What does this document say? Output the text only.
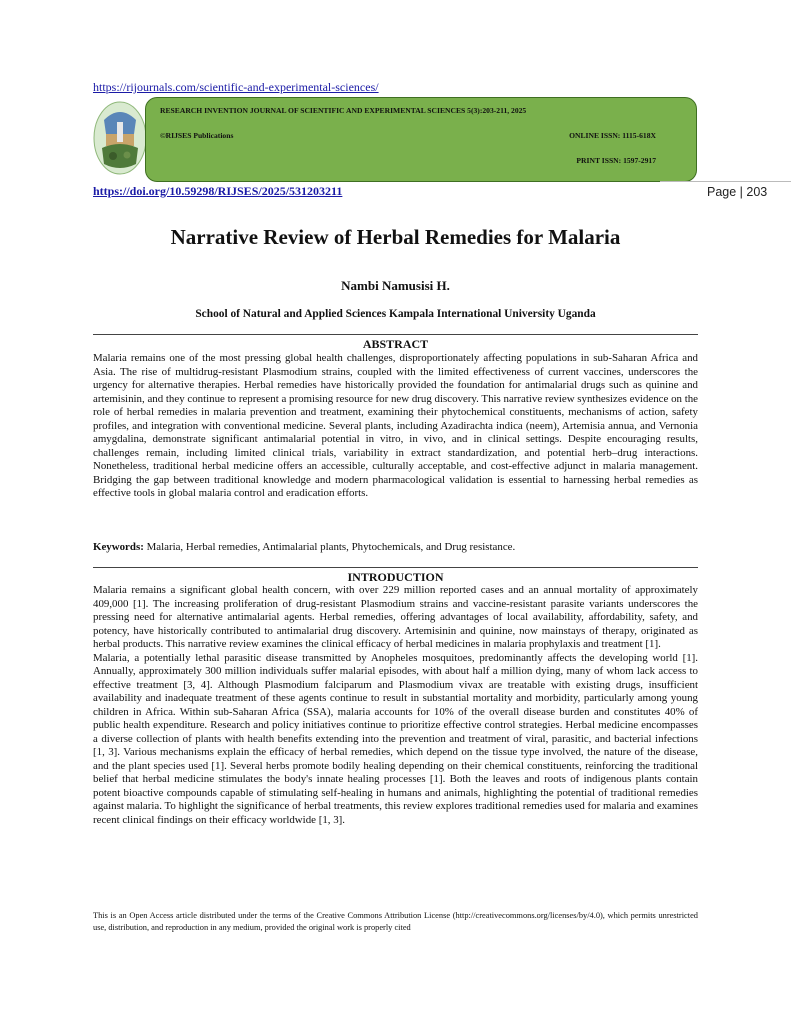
https://rijournals.com/scientific-and-experimental-sciences/
RESEARCH INVENTION JOURNAL OF SCIENTIFIC AND EXPERIMENTAL SCIENCES 5(3):203-211, 2025
©RIJSES Publications	ONLINE ISSN: 1115-618X
PRINT ISSN: 1597-2917
https://doi.org/10.59298/RIJSES/2025/531203211	Page | 203
Narrative Review of Herbal Remedies for Malaria
Nambi Namusisi H.
School of Natural and Applied Sciences Kampala International University Uganda
ABSTRACT

Malaria remains one of the most pressing global health challenges, disproportionately affecting populations in sub-Saharan Africa and Asia. The rise of multidrug-resistant Plasmodium strains, coupled with the limited effectiveness of current vaccines, underscores the urgency for alternative therapies. Herbal remedies have historically provided the foundation for antimalarial drugs such as quinine and artemisinin, and they continue to represent a promising resource for new drug discovery. This narrative review synthesizes evidence on the role of herbal remedies in malaria prevention and treatment, examining their phytochemical constituents, mechanisms of action, safety profiles, and integration with conventional medicine. Several plants, including Azadirachta indica (neem), Artemisia annua, and Vernonia amygdalina, demonstrate significant antimalarial potential in vitro, in vivo, and in clinical settings. Despite encouraging results, challenges remain, including limited clinical trials, variability in extract standardization, and potential herb–drug interactions. Nonetheless, traditional herbal medicine offers an accessible, culturally acceptable, and cost-effective adjunct in malaria management. Bridging the gap between traditional knowledge and modern pharmacological validation is essential to harnessing herbal remedies as effective tools in global malaria control and eradication efforts.

Keywords: Malaria, Herbal remedies, Antimalarial plants, Phytochemicals, and Drug resistance.

INTRODUCTION

Malaria remains a significant global health concern, with over 229 million reported cases and an annual mortality of approximately 409,000 [1]. The increasing proliferation of drug-resistant Plasmodium strains and vaccine-resistant parasite variants underscores the pressing need for alternative antimalarial agents. Herbal remedies, offering advantages of local availability, affordability, safety, and potency, have historically contributed to antimalarial drug discovery. Artemisinin and quinine, now mainstays of therapy, originated as herbal products. This narrative review examines the clinical efficacy of herbal medicines in malaria prophylaxis and treatment [1].

Malaria, a potentially lethal parasitic disease transmitted by Anopheles mosquitoes, predominantly affects the developing world [1]. Annually, approximately 300 million individuals suffer malarial episodes, with about half a million dying, many of whom lack access to effective treatment [3, 4]. Although Plasmodium falciparum and Plasmodium vivax are treatable with existing drugs, insufficient availability and inadequate treatment of these agents continue to result in substantial mortality and morbidity, particularly among young children in Africa. Within sub-Saharan Africa (SSA), malaria accounts for 10% of the overall disease burden and constitutes 40% of public health expenditure. Research and policy initiatives continue to prioritize effective control strategies. Herbal medicine encompasses a diverse collection of plants with health benefits extending into the prevention and treatment of viral, parasitic, and bacterial infections [1, 3]. Various mechanisms explain the efficacy of herbal remedies, which depend on the tissue type involved, the nature of the disease, and the plant species used [1]. Several herbs promote bodily healing depending on their chemical constituents, reinforcing the traditional belief that herbal medicine stimulates the body's innate healing processes [1]. Both the leaves and roots of indigenous plants contain potent bioactive compounds capable of stimulating self-healing in humans and animals, highlighting the potential of traditional remedies against malaria. To highlight the significance of herbal treatments, this review explores traditional remedies used for malaria and examines recent clinical findings on their efficacy worldwide [1, 3].

This is an Open Access article distributed under the terms of the Creative Commons Attribution License (http://creativecommons.org/licenses/by/4.0), which permits unrestricted use, distribution, and reproduction in any medium, provided the original work is properly cited
